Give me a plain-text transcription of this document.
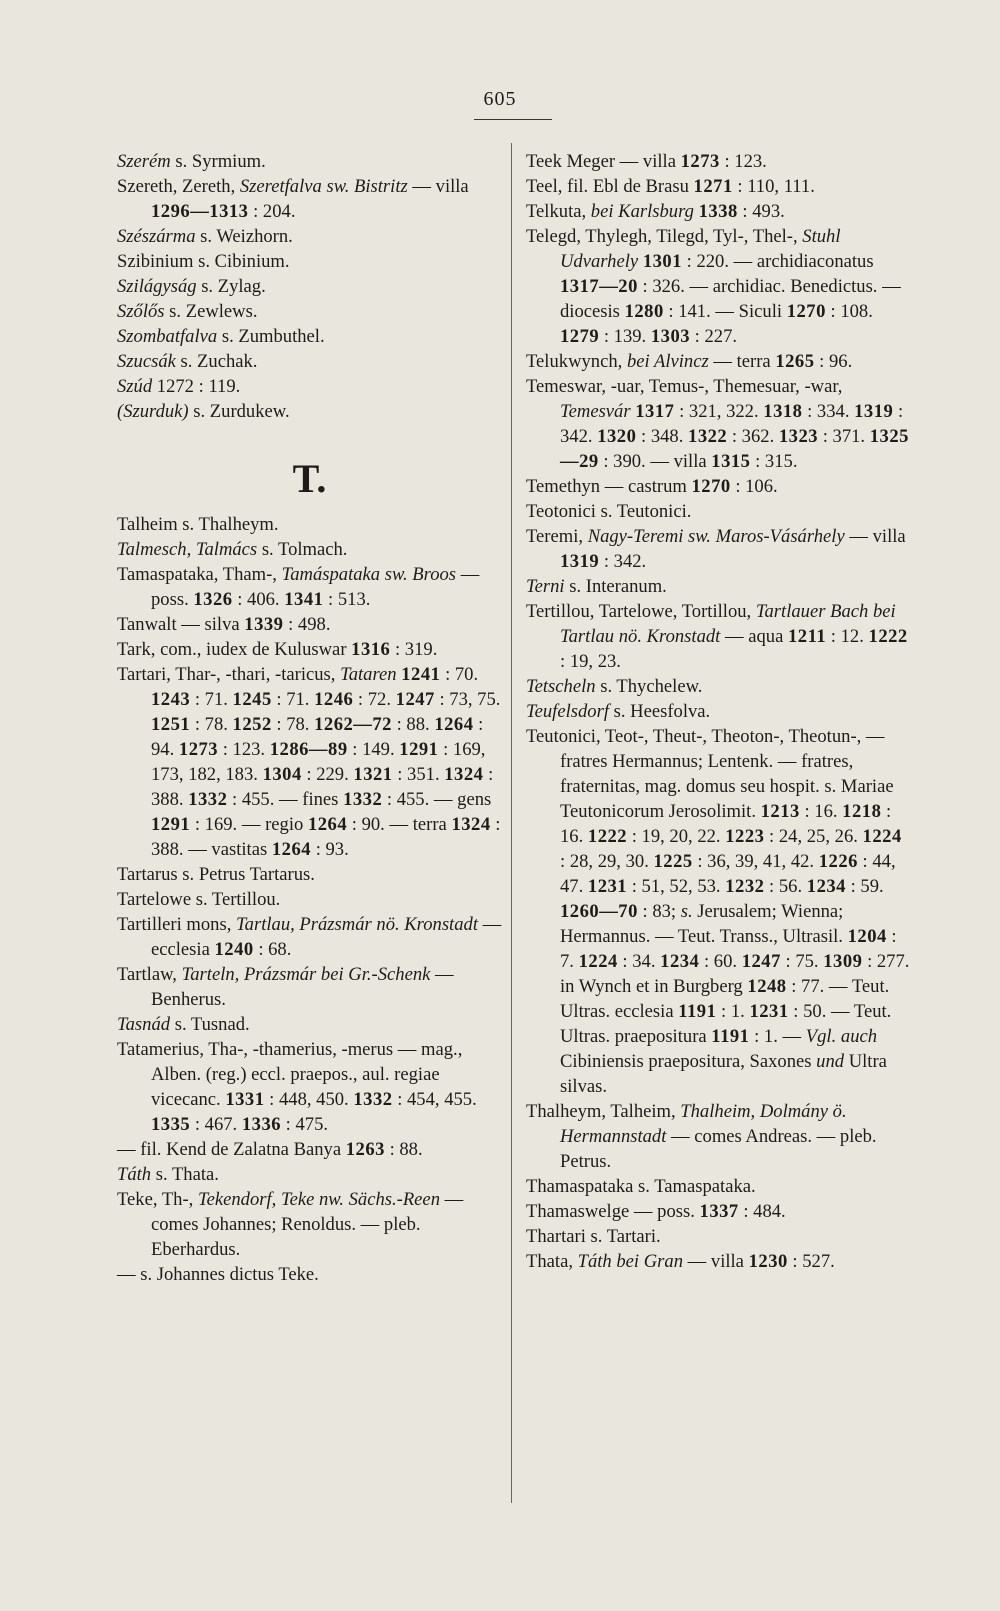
605

Szerém s. Syrmium.

Szereth, Zereth, Szeretfalva sw. Bistritz — villa 1296—1313 : 204.

Szészárma s. Weizhorn.

Szibinium s. Cibinium.

Szilágyság s. Zylag.

Szőlős s. Zewlews.

Szombatfalva s. Zumbuthel.

Szucsák s. Zuchak.

Szúd 1272 : 119.

(Szurduk) s. Zurdukew.

T.

Talheim s. Thalheym.

Talmesch, Talmács s. Tolmach.

Tamaspataka, Tham-, Tamáspataka sw. Broos — poss. 1326 : 406. 1341 : 513.

Tanwalt — silva 1339 : 498.

Tark, com., iudex de Kuluswar 1316 : 319.

Tartari, Thar-, -thari, -taricus, Tataren 1241 : 70. 1243 : 71. 1245 : 71. 1246 : 72. 1247 : 73, 75. 1251 : 78. 1252 : 78. 1262—72 : 88. 1264 : 94. 1273 : 123. 1286—89 : 149. 1291 : 169, 173, 182, 183. 1304 : 229. 1321 : 351. 1324 : 388. 1332 : 455. — fines 1332 : 455. — gens 1291 : 169. — regio 1264 : 90. — terra 1324 : 388. — vastitas 1264 : 93.

Tartarus s. Petrus Tartarus.

Tartelowe s. Tertillou.

Tartilleri mons, Tartlau, Prázsmár nö. Kronstadt — ecclesia 1240 : 68.

Tartlaw, Tarteln, Prázsmár bei Gr.-Schenk — Benherus.

Tasnád s. Tusnad.

Tatamerius, Tha-, -thamerius, -merus — mag., Alben. (reg.) eccl. praepos., aul. regiae vicecanc. 1331 : 448, 450. 1332 : 454, 455. 1335 : 467. 1336 : 475.

— fil. Kend de Zalatna Banya 1263 : 88.

Táth s. Thata.

Teke, Th-, Tekendorf, Teke nw. Sächs.-Reen — comes Johannes; Renoldus. — pleb. Eberhardus.

— s. Johannes dictus Teke.

Teek Meger — villa 1273 : 123.

Teel, fil. Ebl de Brasu 1271 : 110, 111.

Telkuta, bei Karlsburg 1338 : 493.

Telegd, Thylegh, Tilegd, Tyl-, Thel-, Stuhl Udvarhely 1301 : 220. — archidiaconatus 1317—20 : 326. — archidiac. Benedictus. — diocesis 1280 : 141. — Siculi 1270 : 108. 1279 : 139. 1303 : 227.

Telukwynch, bei Alvincz — terra 1265 : 96.

Temeswar, -uar, Temus-, Themesuar, -war, Temesvár 1317 : 321, 322. 1318 : 334. 1319 : 342. 1320 : 348. 1322 : 362. 1323 : 371. 1325—29 : 390. — villa 1315 : 315.

Temethyn — castrum 1270 : 106.

Teotonici s. Teutonici.

Teremi, Nagy-Teremi sw. Maros-Vásárhely — villa 1319 : 342.

Terni s. Interanum.

Tertillou, Tartelowe, Tortillou, Tartlauer Bach bei Tartlau nö. Kronstadt — aqua 1211 : 12. 1222 : 19, 23.

Tetscheln s. Thychelew.

Teufelsdorf s. Heesfolva.

Teutonici, Teot-, Theut-, Theoton-, Theotun-, — fratres Hermannus; Lentenk. — fratres, fraternitas, mag. domus seu hospit. s. Mariae Teutonicorum Jerosolimit. 1213 : 16. 1218 : 16. 1222 : 19, 20, 22. 1223 : 24, 25, 26. 1224 : 28, 29, 30. 1225 : 36, 39, 41, 42. 1226 : 44, 47. 1231 : 51, 52, 53. 1232 : 56. 1234 : 59. 1260—70 : 83; s. Jerusalem; Wienna; Hermannus. — Teut. Transs., Ultrasil. 1204 : 7. 1224 : 34. 1234 : 60. 1247 : 75. 1309 : 277. in Wynch et in Burgberg 1248 : 77. — Teut. Ultras. ecclesia 1191 : 1. 1231 : 50. — Teut. Ultras. praepositura 1191 : 1. — Vgl. auch Cibiniensis praepositura, Saxones und Ultra silvas.

Thalheym, Talheim, Thalheim, Dolmány ö. Hermannstadt — comes Andreas. — pleb. Petrus.

Thamaspataka s. Tamaspataka.

Thamaswelge — poss. 1337 : 484.

Thartari s. Tartari.

Thata, Táth bei Gran — villa 1230 : 527.
